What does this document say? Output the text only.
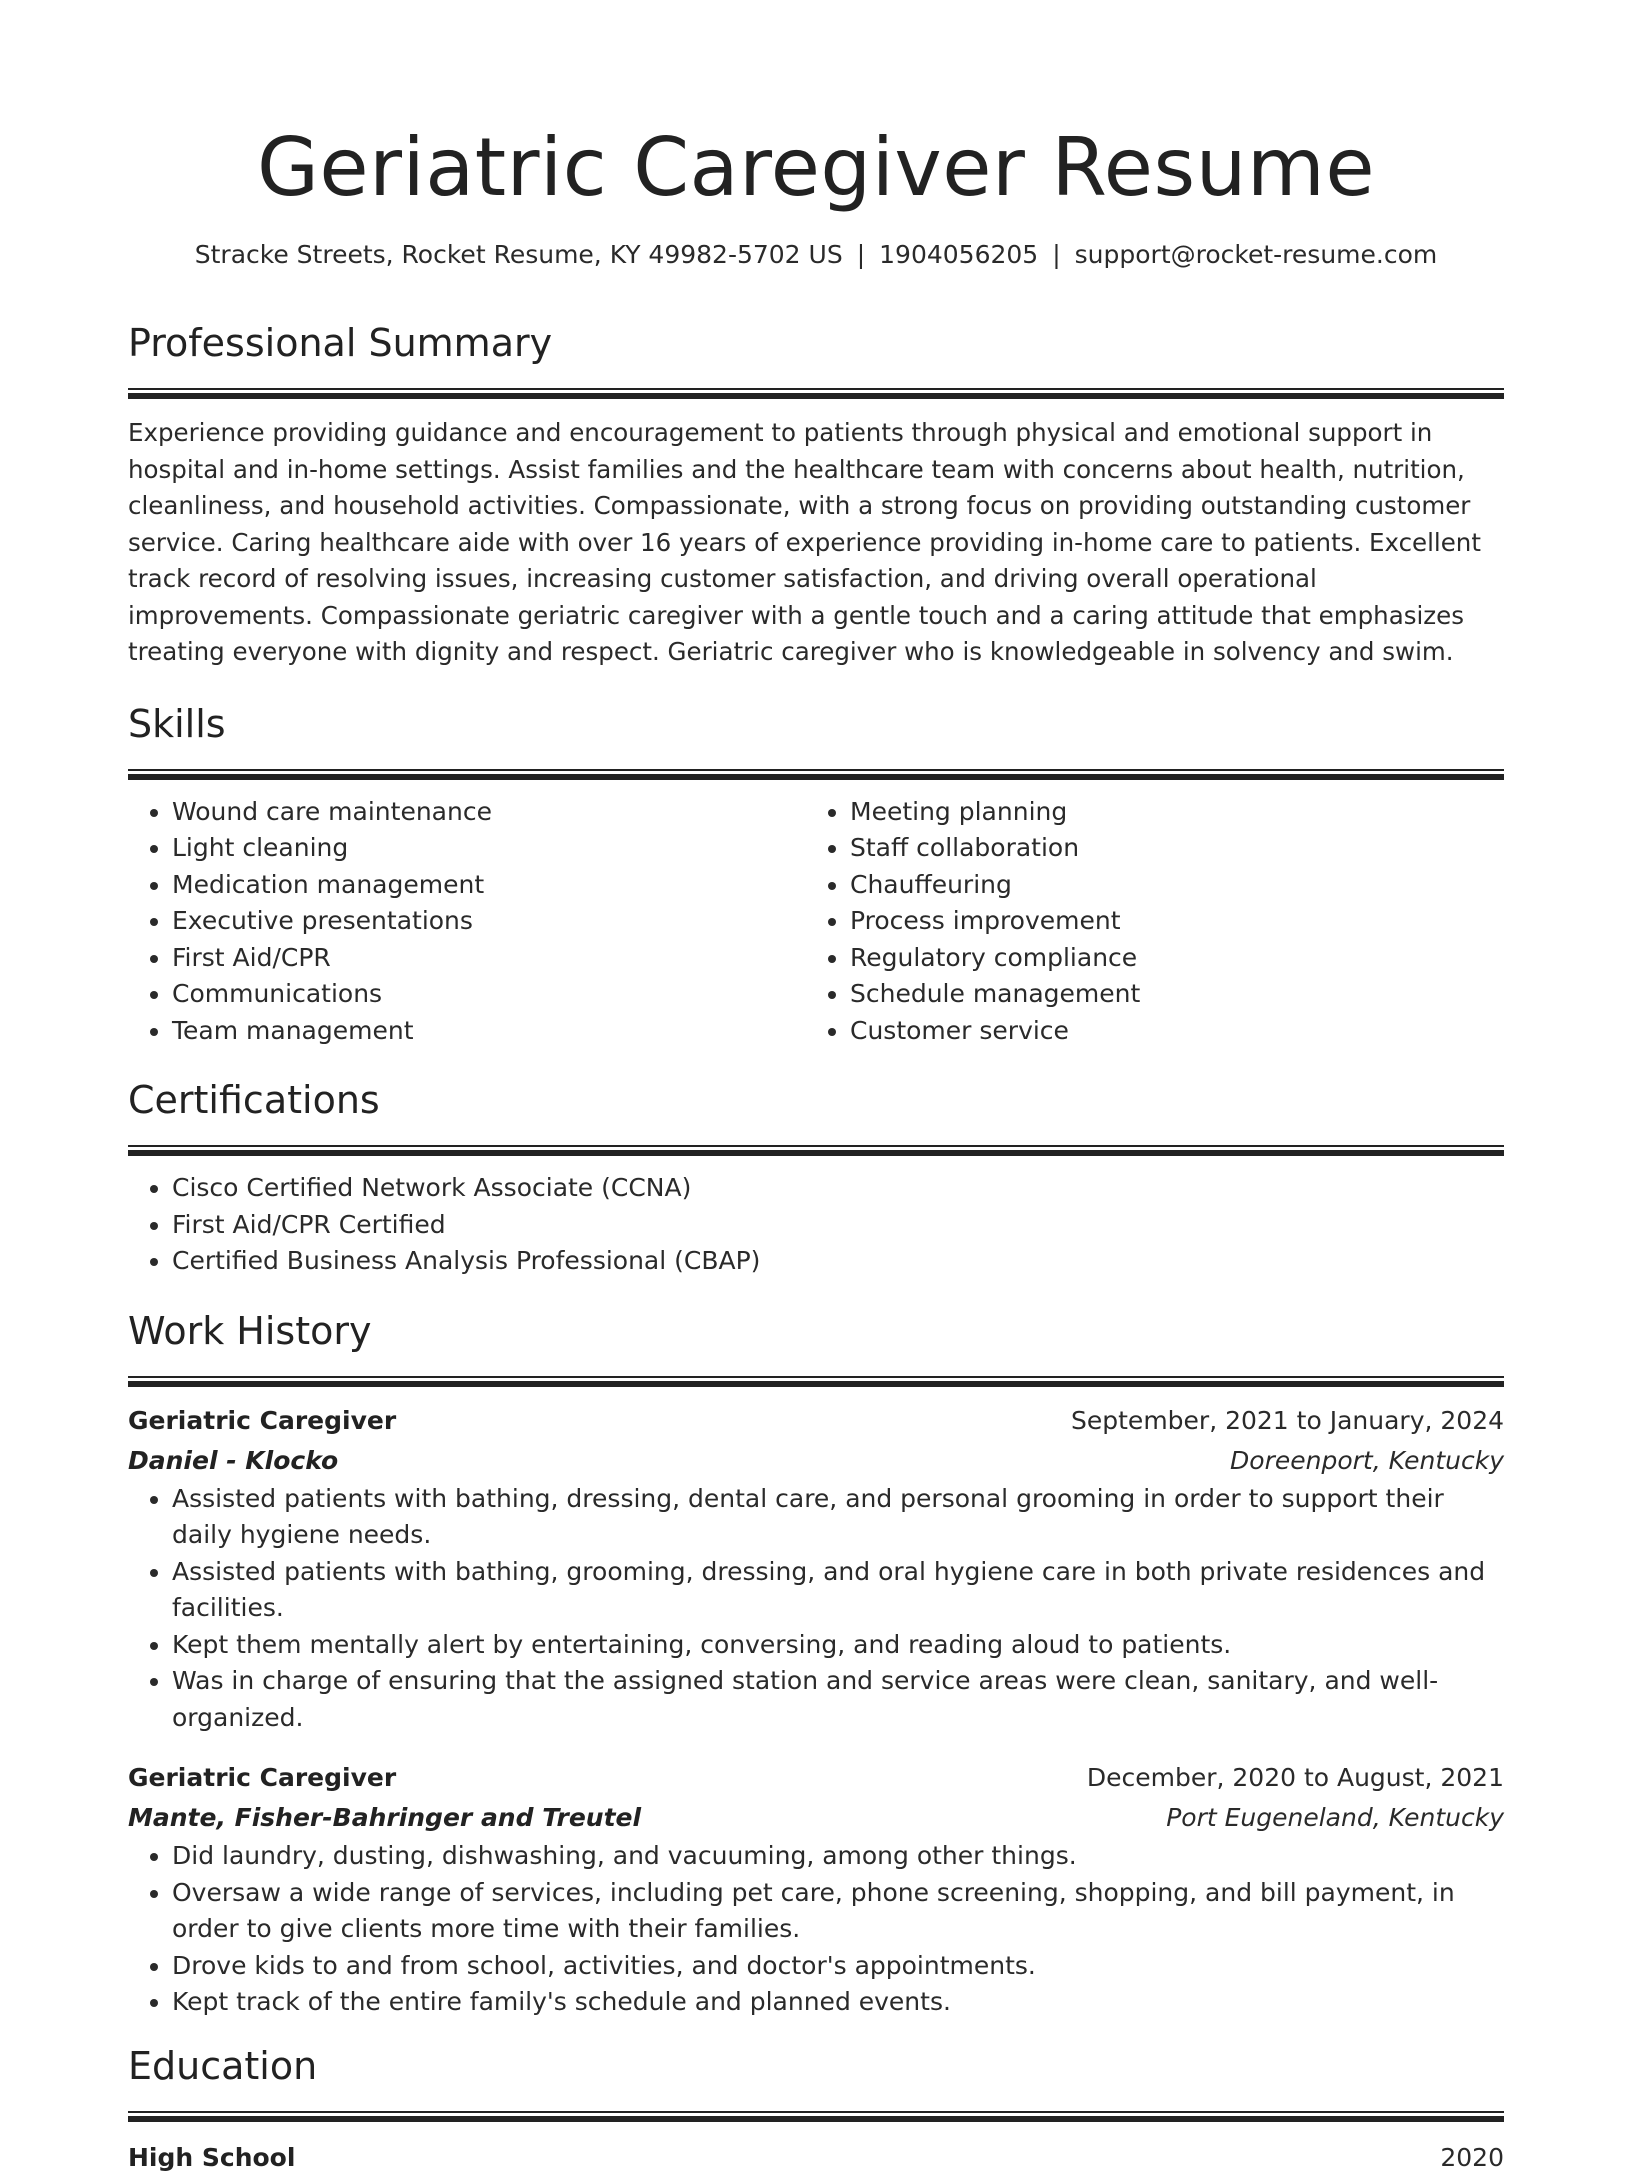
Geriatric Caregiver Resume
Stracke Streets, Rocket Resume, KY 49982-5702 US | 1904056205 | support@rocket-resume.com
Professional Summary

Experience providing guidance and encouragement to patients through physical and emotional support in hospital and in-home settings. Assist families and the healthcare team with concerns about health, nutrition, cleanliness, and household activities. Compassionate, with a strong focus on providing outstanding customer service. Caring healthcare aide with over 16 years of experience providing in-home care to patients. Excellent track record of resolving issues, increasing customer satisfaction, and driving overall operational improvements. Compassionate geriatric caregiver with a gentle touch and a caring attitude that emphasizes treating everyone with dignity and respect. Geriatric caregiver who is knowledgeable in solvency and swim.

Skills
• Wound care maintenance
• Light cleaning
• Medication management
• Executive presentations
• First Aid/CPR
• Communications
• Team management
• Meeting planning
• Staff collaboration
• Chauffeuring
• Process improvement
• Regulatory compliance
• Schedule management
• Customer service
Certifications
• Cisco Certified Network Associate (CCNA)
• First Aid/CPR Certified
• Certified Business Analysis Professional (CBAP)
Work History
Geriatric Caregiver	September, 2021 to January, 2024
Daniel - Klocko	Doreenport, Kentucky
• Assisted patients with bathing, dressing, dental care, and personal grooming in order to support their daily hygiene needs.
• Assisted patients with bathing, grooming, dressing, and oral hygiene care in both private residences and facilities.
• Kept them mentally alert by entertaining, conversing, and reading aloud to patients.
• Was in charge of ensuring that the assigned station and service areas were clean, sanitary, and well-organized.
Geriatric Caregiver	December, 2020 to August, 2021
Mante, Fisher-Bahringer and Treutel	Port Eugeneland, Kentucky
• Did laundry, dusting, dishwashing, and vacuuming, among other things.
• Oversaw a wide range of services, including pet care, phone screening, shopping, and bill payment, in order to give clients more time with their families.
• Drove kids to and from school, activities, and doctor's appointments.
• Kept track of the entire family's schedule and planned events.
Education
High School	2020
